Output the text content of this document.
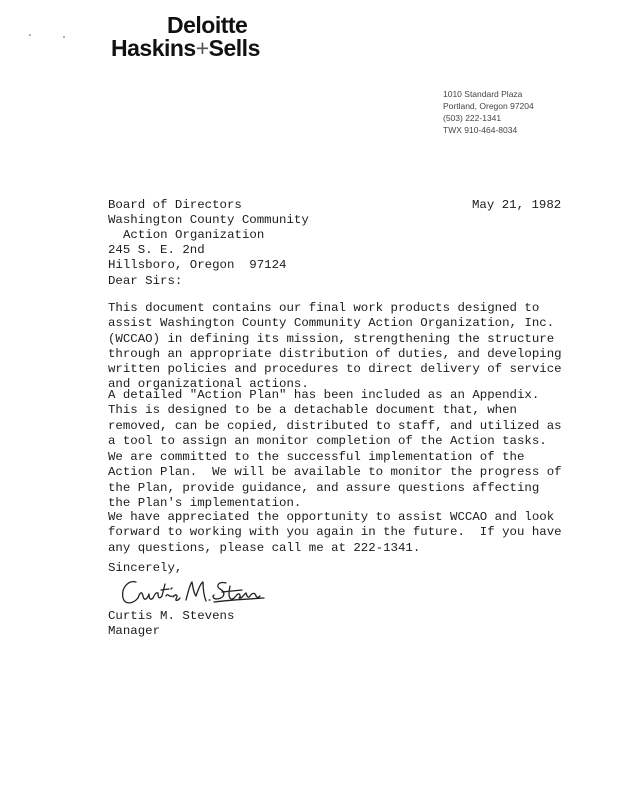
Deloitte
Haskins+Sells
1010 Standard Plaza
Portland, Oregon 97204
(503) 222-1341
TWX 910-464-8034
Board of Directors
Washington County Community
Action Organization
245 S. E. 2nd
Hillsboro, Oregon  97124
May 21, 1982
Dear Sirs:
This document contains our final work products designed to
assist Washington County Community Action Organization, Inc.
(WCCAO) in defining its mission, strengthening the structure
through an appropriate distribution of duties, and developing
written policies and procedures to direct delivery of service
and organizational actions.
A detailed "Action Plan" has been included as an Appendix.
This is designed to be a detachable document that, when
removed, can be copied, distributed to staff, and utilized as
a tool to assign an monitor completion of the Action tasks.
We are committed to the successful implementation of the
Action Plan.  We will be available to monitor the progress of
the Plan, provide guidance, and assure questions affecting
the Plan's implementation.
We have appreciated the opportunity to assist WCCAO and look
forward to working with you again in the future.  If you have
any questions, please call me at 222-1341.
Sincerely,
Curtis M. Stevens
Manager
